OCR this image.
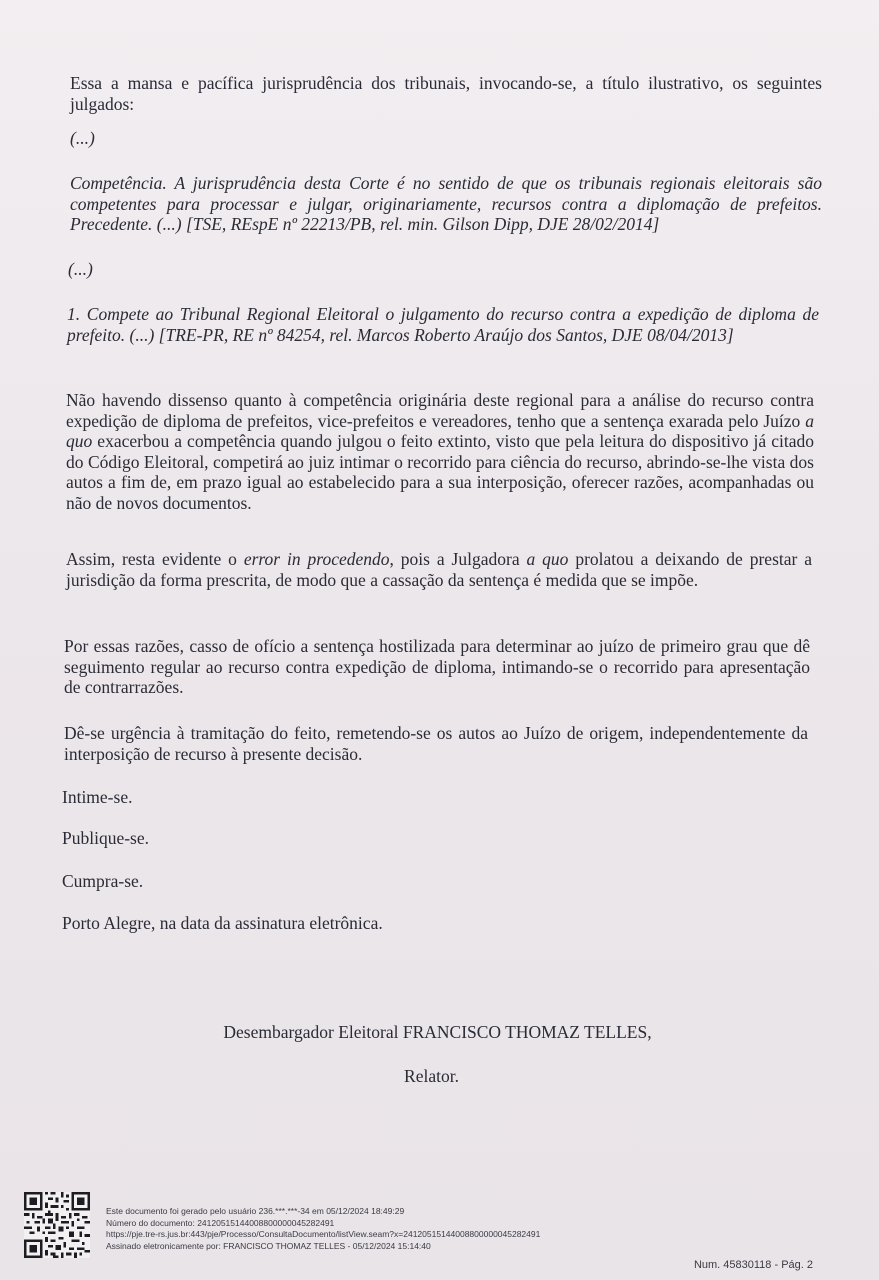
Essa a mansa e pacífica jurisprudência dos tribunais, invocando-se, a título ilustrativo, os seguintes julgados:

(...)

Competência. A jurisprudência desta Corte é no sentido de que os tribunais regionais eleitorais são competentes para processar e julgar, originariamente, recursos contra a diplomação de prefeitos. Precedente. (...) [TSE, REspE nº 22213/PB, rel. min. Gilson Dipp, DJE 28/02/2014]

(...)

1. Compete ao Tribunal Regional Eleitoral o julgamento do recurso contra a expedição de diploma de prefeito. (...) [TRE-PR, RE nº 84254, rel. Marcos Roberto Araújo dos Santos, DJE 08/04/2013]

Não havendo dissenso quanto à competência originária deste regional para a análise do recurso contra expedição de diploma de prefeitos, vice-prefeitos e vereadores, tenho que a sentença exarada pelo Juízo a quo exacerbou a competência quando julgou o feito extinto, visto que pela leitura do dispositivo já citado do Código Eleitoral, competirá ao juiz intimar o recorrido para ciência do recurso, abrindo-se-lhe vista dos autos a fim de, em prazo igual ao estabelecido para a sua interposição, oferecer razões, acompanhadas ou não de novos documentos.

Assim, resta evidente o error in procedendo, pois a Julgadora a quo prolatou a deixando de prestar a jurisdição da forma prescrita, de modo que a cassação da sentença é medida que se impõe.

Por essas razões, casso de ofício a sentença hostilizada para determinar ao juízo de primeiro grau que dê seguimento regular ao recurso contra expedição de diploma, intimando-se o recorrido para apresentação de contrarrazões.

Dê-se urgência à tramitação do feito, remetendo-se os autos ao Juízo de origem, independentemente da interposição de recurso à presente decisão.

Intime-se.

Publique-se.

Cumpra-se.

Porto Alegre, na data da assinatura eletrônica.

Desembargador Eleitoral FRANCISCO THOMAZ TELLES,

Relator.

Este documento foi gerado pelo usuário 236.***.***-34 em 05/12/2024 18:49:29
Número do documento: 24120515144008800000045282491
https://pje.tre-rs.jus.br:443/pje/Processo/ConsultaDocumento/listView.seam?x=24120515144008800000045282491
Assinado eletronicamente por: FRANCISCO THOMAZ TELLES - 05/12/2024 15:14:40
Num. 45830118 - Pág. 2
